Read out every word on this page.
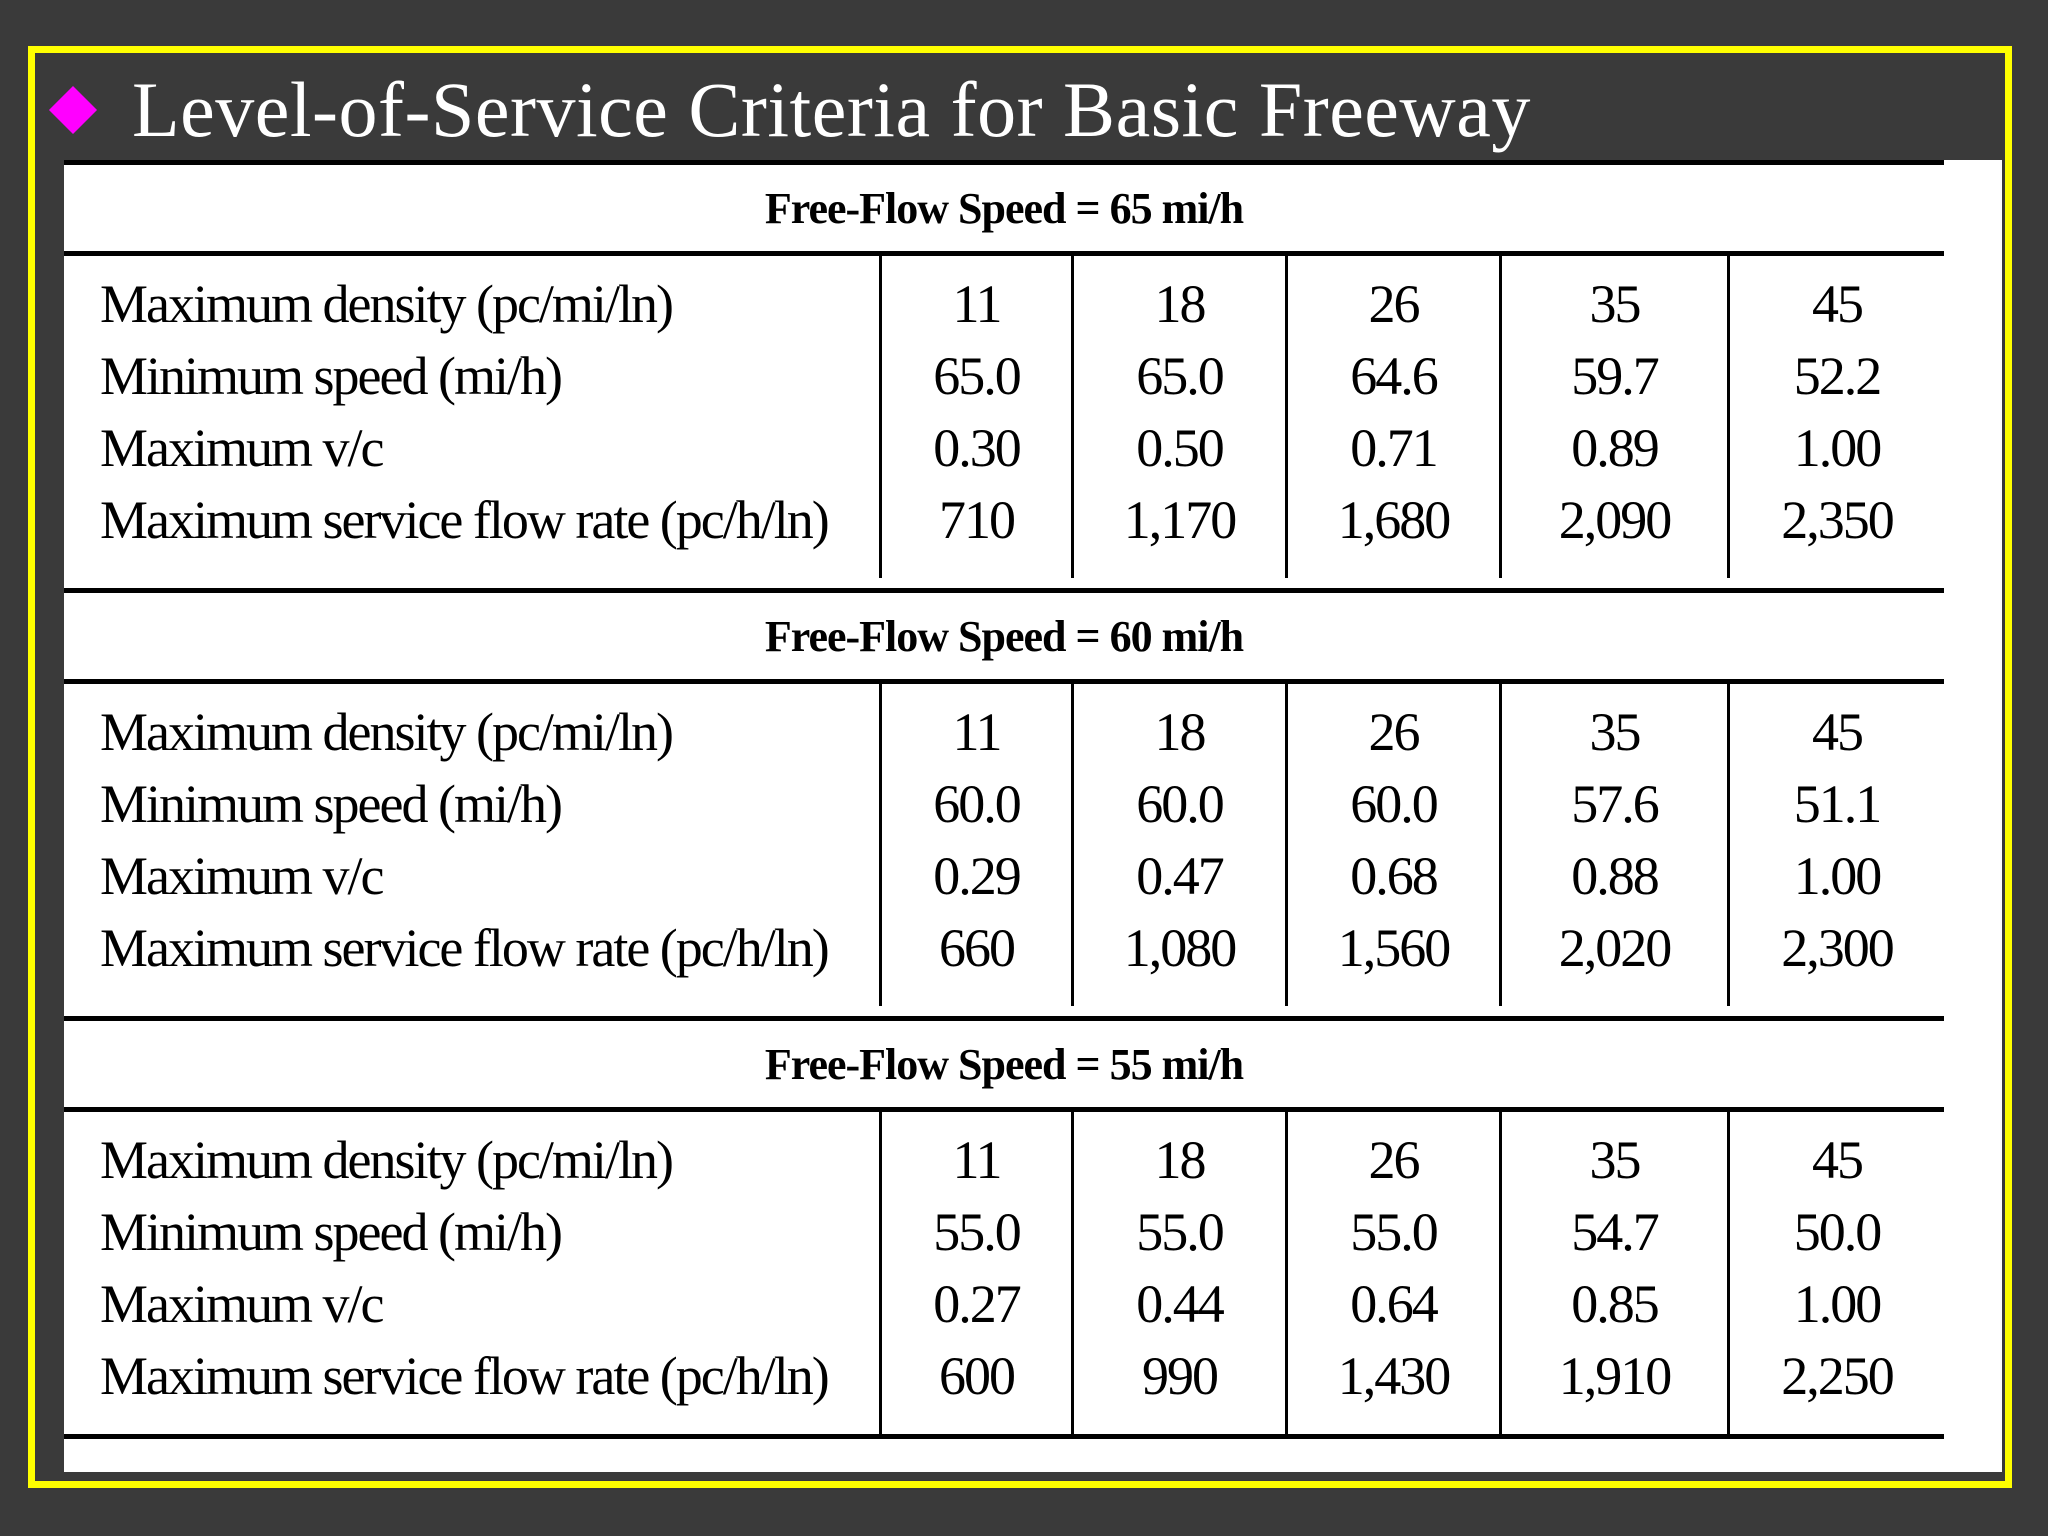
Level-of-Service Criteria for Basic Freeway
Free-Flow Speed = 65 mi/h
Maximum density (pc/mi/ln)
Minimum speed (mi/h)
Maximum v/c
Maximum service flow rate (pc/h/ln)
11
65.0
0.30
710
18
65.0
0.50
1,170
26
64.6
0.71
1,680
35
59.7
0.89
2,090
45
52.2
1.00
2,350
Free-Flow Speed = 60 mi/h
Maximum density (pc/mi/ln)
Minimum speed (mi/h)
Maximum v/c
Maximum service flow rate (pc/h/ln)
11
60.0
0.29
660
18
60.0
0.47
1,080
26
60.0
0.68
1,560
35
57.6
0.88
2,020
45
51.1
1.00
2,300
Free-Flow Speed = 55 mi/h
Maximum density (pc/mi/ln)
Minimum speed (mi/h)
Maximum v/c
Maximum service flow rate (pc/h/ln)
11
55.0
0.27
600
18
55.0
0.44
990
26
55.0
0.64
1,430
35
54.7
0.85
1,910
45
50.0
1.00
2,250
